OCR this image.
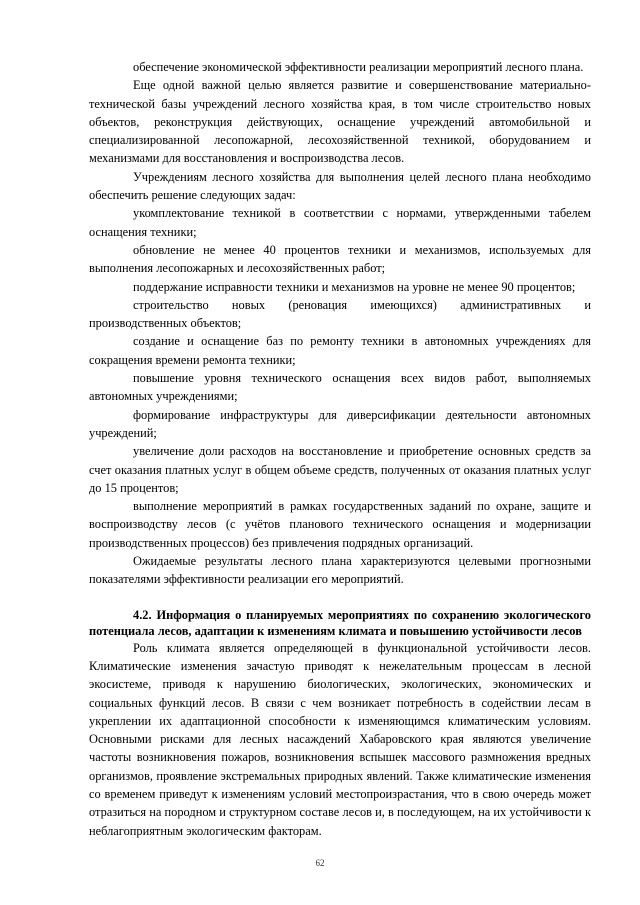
обеспечение экономической эффективности реализации мероприятий лесного плана.

Еще одной важной целью является развитие и совершенствование материально-технической базы учреждений лесного хозяйства края, в том числе строительство новых объектов, реконструкция действующих, оснащение учреждений автомобильной и специализированной лесопожарной, лесохозяйственной техникой, оборудованием и механизмами для восстановления и воспроизводства лесов.

Учреждениям лесного хозяйства для выполнения целей лесного плана необходимо обеспечить решение следующих задач:

укомплектование техникой в соответствии с нормами, утвержденными табелем оснащения техники;

обновление не менее 40 процентов техники и механизмов, используемых для выполнения лесопожарных и лесохозяйственных работ;

поддержание исправности техники и механизмов на уровне не менее 90 процентов;

строительство новых (реновация имеющихся) административных и производственных объектов;

создание и оснащение баз по ремонту техники в автономных учреждениях для сокращения времени ремонта техники;

повышение уровня технического оснащения всех видов работ, выполняемых автономных учреждениями;

формирование инфраструктуры для диверсификации деятельности автономных учреждений;

увеличение доли расходов на восстановление и приобретение основных средств за счет оказания платных услуг в общем объеме средств, полученных от оказания платных услуг до 15 процентов;

выполнение мероприятий в рамках государственных заданий по охране, защите и воспроизводству лесов (с учётов планового технического оснащения и модернизации производственных процессов) без привлечения подрядных организаций.

Ожидаемые результаты лесного плана характеризуются целевыми прогнозными показателями эффективности реализации его мероприятий.

4.2. Информация о планируемых мероприятиях по сохранению экологического потенциала лесов, адаптации к изменениям климата и повышению устойчивости лесов

Роль климата является определяющей в функциональной устойчивости лесов. Климатические изменения зачастую приводят к нежелательным процессам в лесной экосистеме, приводя к нарушению биологических, экологических, экономических и социальных функций лесов. В связи с чем возникает потребность в содействии лесам в укреплении их адаптационной способности к изменяющимся климатическим условиям. Основными рисками для лесных насаждений Хабаровского края являются увеличение частоты возникновения пожаров, возникновения вспышек массового размножения вредных организмов, проявление экстремальных природных явлений. Также климатические изменения со временем приведут к изменениям условий местопроизрастания, что в свою очередь может отразиться на породном и структурном составе лесов и, в последующем, на их устойчивости к неблагоприятным экологическим факторам.

62
